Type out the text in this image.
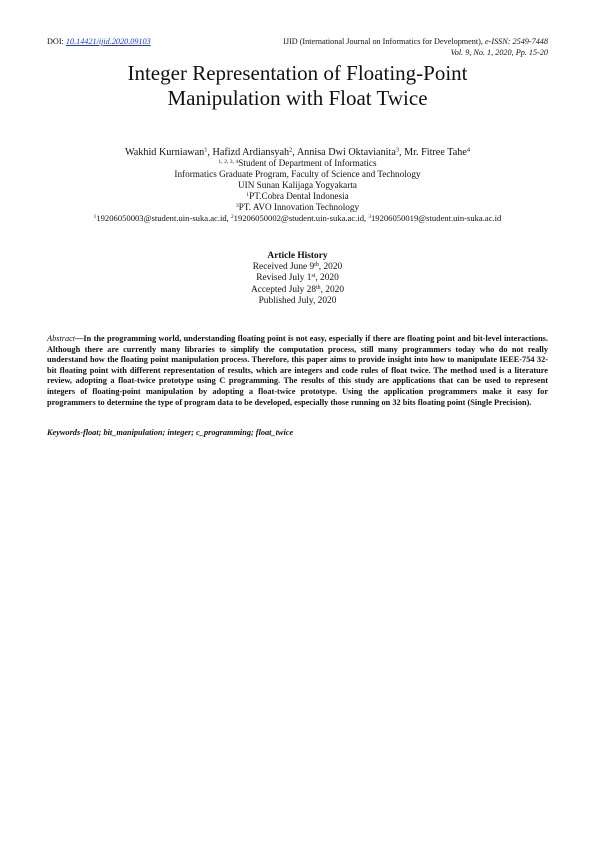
DOI: 10.14421/ijid.2020.09103	IJID (International Journal on Informatics for Development), e-ISSN: 2549-7448
Vol. 9, No. 1, 2020, Pp. 15-20
Integer Representation of Floating-Point
Manipulation with Float Twice
Wakhid Kurniawan$^1$, Hafizd Ardiansyah$^2$, Annisa Dwi Oktavianita$^3$, Mr. Fitree Tahe$^4$
$^{1, 2, 3, 4}$Student of Department of Informatics
Informatics Graduate Program, Faculty of Science and Technology
UIN Sunan Kalijaga Yogyakarta
$^1$PT.Cobra Dental Indonesia
$^3$PT. AVO Innovation Technology
$^1$19206050003@student.uin-suka.ac.id, $^2$19206050002@student.uin-suka.ac.id, $^3$19206050019@student.uin-suka.ac.id
Article History
Received June 9th, 2020
Revised July 1st, 2020
Accepted July 28th, 2020
Published July, 2020
Abstract—In the programming world, understanding floating point is not easy, especially if there are floating point and bit-level interactions. Although there are currently many libraries to simplify the computation process, still many programmers today who do not really understand how the floating point manipulation process. Therefore, this paper aims to provide insight into how to manipulate IEEE-754 32-bit floating point with different representation of results, which are integers and code rules of float twice. The method used is a literature review, adopting a float-twice prototype using C programming. The results of this study are applications that can be used to represent integers of floating-point manipulation by adopting a float-twice prototype. Using the application programmers make it easy for programmers to determine the type of program data to be developed, especially those running on 32 bits floating point (Single Precision).
Keywords-float; bit_manipulation; integer; c_programming; float_twice
